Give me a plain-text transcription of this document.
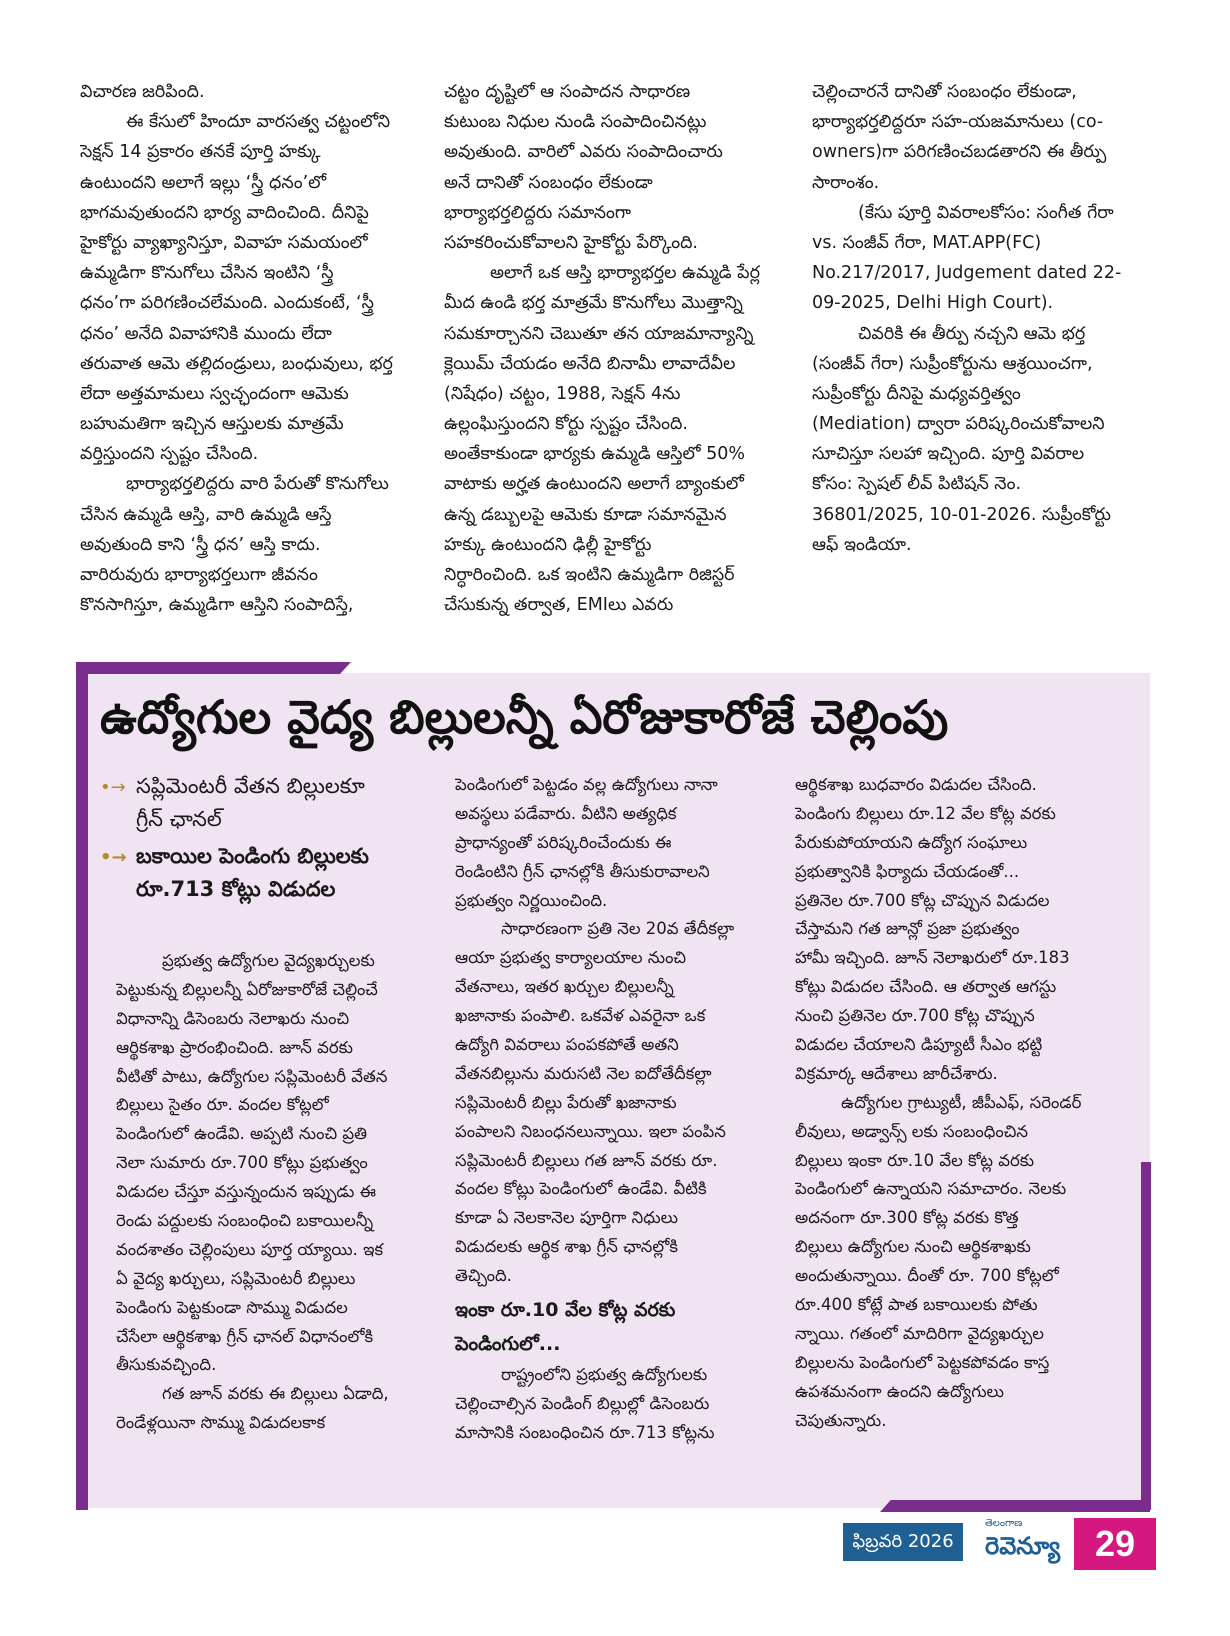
విచారణ జరిపింది.
ఈ కేసులో హిందూ వారసత్వ చట్టంలోని
సెక్షన్ 14 ప్రకారం తనకే పూర్తి హక్కు
ఉంటుందని అలాగే ఇల్లు ‘స్త్రీ ధనం’లో
భాగమవుతుందని భార్య వాదించింది. దీనిపై
హైకోర్టు వ్యాఖ్యానిస్తూ, వివాహ సమయంలో
ఉమ్మడిగా కొనుగోలు చేసిన ఇంటిని ‘స్త్రీ
ధనం’గా పరిగణించలేమంది. ఎందుకంటే, ‘స్త్రీ
ధనం’ అనేది వివాహానికి ముందు లేదా
తరువాత ఆమె తల్లిదండ్రులు, బంధువులు, భర్త
లేదా అత్తమామలు స్వచ్ఛందంగా ఆమెకు
బహుమతిగా ఇచ్చిన ఆస్తులకు మాత్రమే
వర్తిస్తుందని స్పష్టం చేసింది.
భార్యాభర్తలిద్దరు వారి పేరుతో కొనుగోలు
చేసిన ఉమ్మడి ఆస్తి, వారి ఉమ్మడి ఆస్తే
అవుతుంది కాని ‘స్త్రీ ధన’ ఆస్తి కాదు.
వారిరువురు భార్యాభర్తలుగా జీవనం
కొనసాగిస్తూ, ఉమ్మడిగా ఆస్తిని సంపాదిస్తే,
చట్టం దృష్టిలో ఆ సంపాదన సాధారణ
కుటుంబ నిధుల నుండి సంపాదించినట్లు
అవుతుంది. వారిలో ఎవరు సంపాదించారు
అనే దానితో సంబంధం లేకుండా
భార్యాభర్తలిద్దరు సమానంగా
సహకరించుకోవాలని హైకోర్టు పేర్కొంది.
అలాగే ఒక ఆస్తి భార్యాభర్తల ఉమ్మడి పేర్ల
మీద ఉండి భర్త మాత్రమే కొనుగోలు మొత్తాన్ని
సమకూర్చానని చెబుతూ తన యాజమాన్యాన్ని
క్లెయిమ్ చేయడం అనేది బినామీ లావాదేవీల
(నిషేధం) చట్టం, 1988, సెక్షన్ 4ను
ఉల్లంఘిస్తుందని కోర్టు స్పష్టం చేసింది.
అంతేకాకుండా భార్యకు ఉమ్మడి ఆస్తిలో 50%
వాటాకు అర్హత ఉంటుందని అలాగే బ్యాంకులో
ఉన్న డబ్బులపై ఆమెకు కూడా సమానమైన
హక్కు ఉంటుందని ఢిల్లీ హైకోర్టు
నిర్ధారించింది. ఒక ఇంటిని ఉమ్మడిగా రిజిస్టర్
చేసుకున్న తర్వాత, EMIలు ఎవరు
చెల్లించారనే దానితో సంబంధం లేకుండా,
భార్యాభర్తలిద్దరూ సహ-యజమానులు (co-
owners)గా పరిగణించబడతారని ఈ తీర్పు
సారాంశం.
(కేసు పూర్తి వివరాలకోసం: సంగీత గేరా
vs. సంజీవ్ గేరా, MAT.APP(FC)
No.217/2017, Judgement dated 22-
09-2025, Delhi High Court).
చివరికి ఈ తీర్పు నచ్చని ఆమె భర్త
(సంజీవ్ గేరా) సుప్రీంకోర్టును ఆశ్రయించగా,
సుప్రీంకోర్టు దీనిపై మధ్యవర్తిత్వం
(Mediation) ద్వారా పరిష్కరించుకోవాలని
సూచిస్తూ సలహా ఇచ్చింది. పూర్తి వివరాల
కోసం: స్పెషల్ లీవ్ పిటిషన్ నెం.
36801/2025, 10-01-2026. సుప్రీంకోర్టు
ఆఫ్ ఇండియా.
ఉద్యోగుల వైద్య బిల్లులన్నీ ఏరోజుకారోజే చెల్లింపు
•→ సప్లిమెంటరీ వేతన బిల్లులకూ
గ్రీన్ ఛానల్
•→ బకాయిల పెండింగు బిల్లులకు
రూ.713 కోట్లు విడుదల
ప్రభుత్వ ఉద్యోగుల వైద్యఖర్చులకు
పెట్టుకున్న బిల్లులన్నీ ఏరోజుకారోజే చెల్లించే
విధానాన్ని డిసెంబరు నెలాఖరు నుంచి
ఆర్థికశాఖ ప్రారంభించింది. జూన్ వరకు
వీటితో పాటు, ఉద్యోగుల సప్లిమెంటరీ వేతన
బిల్లులు సైతం రూ. వందల కోట్లలో
పెండింగులో ఉండేవి. అప్పటి నుంచి ప్రతి
నెలా సుమారు రూ.700 కోట్లు ప్రభుత్వం
విడుదల చేస్తూ వస్తున్నందున ఇప్పుడు ఈ
రెండు పద్దులకు సంబంధించి బకాయిలన్నీ
వందశాతం చెల్లింపులు పూర్త య్యాయి. ఇక
ఏ వైద్య ఖర్చులు, సప్లిమెంటరీ బిల్లులు
పెండింగు పెట్టకుండా సొమ్ము విడుదల
చేసేలా ఆర్థికశాఖ గ్రీన్ ఛానల్ విధానంలోకి
తీసుకువచ్చింది.
గత జూన్ వరకు ఈ బిల్లులు ఏడాది,
రెండేళ్లయినా సొమ్ము విడుదలకాక
పెండింగులో పెట్టడం వల్ల ఉద్యోగులు నానా
అవస్థలు పడేవారు. వీటిని అత్యధిక
ప్రాధాన్యంతో పరిష్కరించేందుకు ఈ
రెండింటిని గ్రీన్ ఛానల్లోకి తీసుకురావాలని
ప్రభుత్వం నిర్ణయించింది.
సాధారణంగా ప్రతి నెల 20వ తేదీకల్లా
ఆయా ప్రభుత్వ కార్యాలయాల నుంచి
వేతనాలు, ఇతర ఖర్చుల బిల్లులన్నీ
ఖజానాకు పంపాలి. ఒకవేళ ఎవరైనా ఒక
ఉద్యోగి వివరాలు పంపకపోతే అతని
వేతనబిల్లును మరుసటి నెల ఐదోతేదీకల్లా
సప్లిమెంటరీ బిల్లు పేరుతో ఖజానాకు
పంపాలని నిబంధనలున్నాయి. ఇలా పంపిన
సప్లిమెంటరీ బిల్లులు గత జూన్ వరకు రూ.
వందల కోట్లు పెండింగులో ఉండేవి. వీటికి
కూడా ఏ నెలకానెల పూర్తిగా నిధులు
విడుదలకు ఆర్థిక శాఖ గ్రీన్ ఛానల్లోకి
తెచ్చింది.
ఇంకా రూ.10 వేల కోట్ల వరకు
పెండింగులో...
రాష్ట్రంలోని ప్రభుత్వ ఉద్యోగులకు
చెల్లించాల్సిన పెండింగ్ బిల్లుల్లో డిసెంబరు
మాసానికి సంబంధించిన రూ.713 కోట్లను
ఆర్థికశాఖ బుధవారం విడుదల చేసింది.
పెండింగు బిల్లులు రూ.12 వేల కోట్ల వరకు
పేరుకుపోయాయని ఉద్యోగ సంఘాలు
ప్రభుత్వానికి ఫిర్యాదు చేయడంతో...
ప్రతినెల రూ.700 కోట్ల చొప్పున విడుదల
చేస్తామని గత జూన్లో ప్రజా ప్రభుత్వం
హామీ ఇచ్చింది. జూన్ నెలాఖరులో రూ.183
కోట్లు విడుదల చేసింది. ఆ తర్వాత ఆగస్టు
నుంచి ప్రతినెల రూ.700 కోట్ల చొప్పున
విడుదల చేయాలని డిప్యూటీ సీఎం భట్టి
విక్రమార్క ఆదేశాలు జారీచేశారు.
ఉద్యోగుల గ్రాట్యుటీ, జీపీఎఫ్, సరెండర్
లీవులు, అడ్వాన్స్ లకు సంబంధించిన
బిల్లులు ఇంకా రూ.10 వేల కోట్ల వరకు
పెండింగులో ఉన్నాయని సమాచారం. నెలకు
అదనంగా రూ.300 కోట్ల వరకు కొత్త
బిల్లులు ఉద్యోగుల నుంచి ఆర్థికశాఖకు
అందుతున్నాయి. దీంతో రూ. 700 కోట్లలో
రూ.400 కోట్లే పాత బకాయిలకు పోతు
న్నాయి. గతంలో మాదిరిగా వైద్యఖర్చుల
బిల్లులను పెండింగులో పెట్టకపోవడం కాస్త
ఉపశమనంగా ఉందని ఉద్యోగులు
చెపుతున్నారు.
ఫిబ్రవరి 2026
తెలంగాణ
రెవెన్యూ 29
